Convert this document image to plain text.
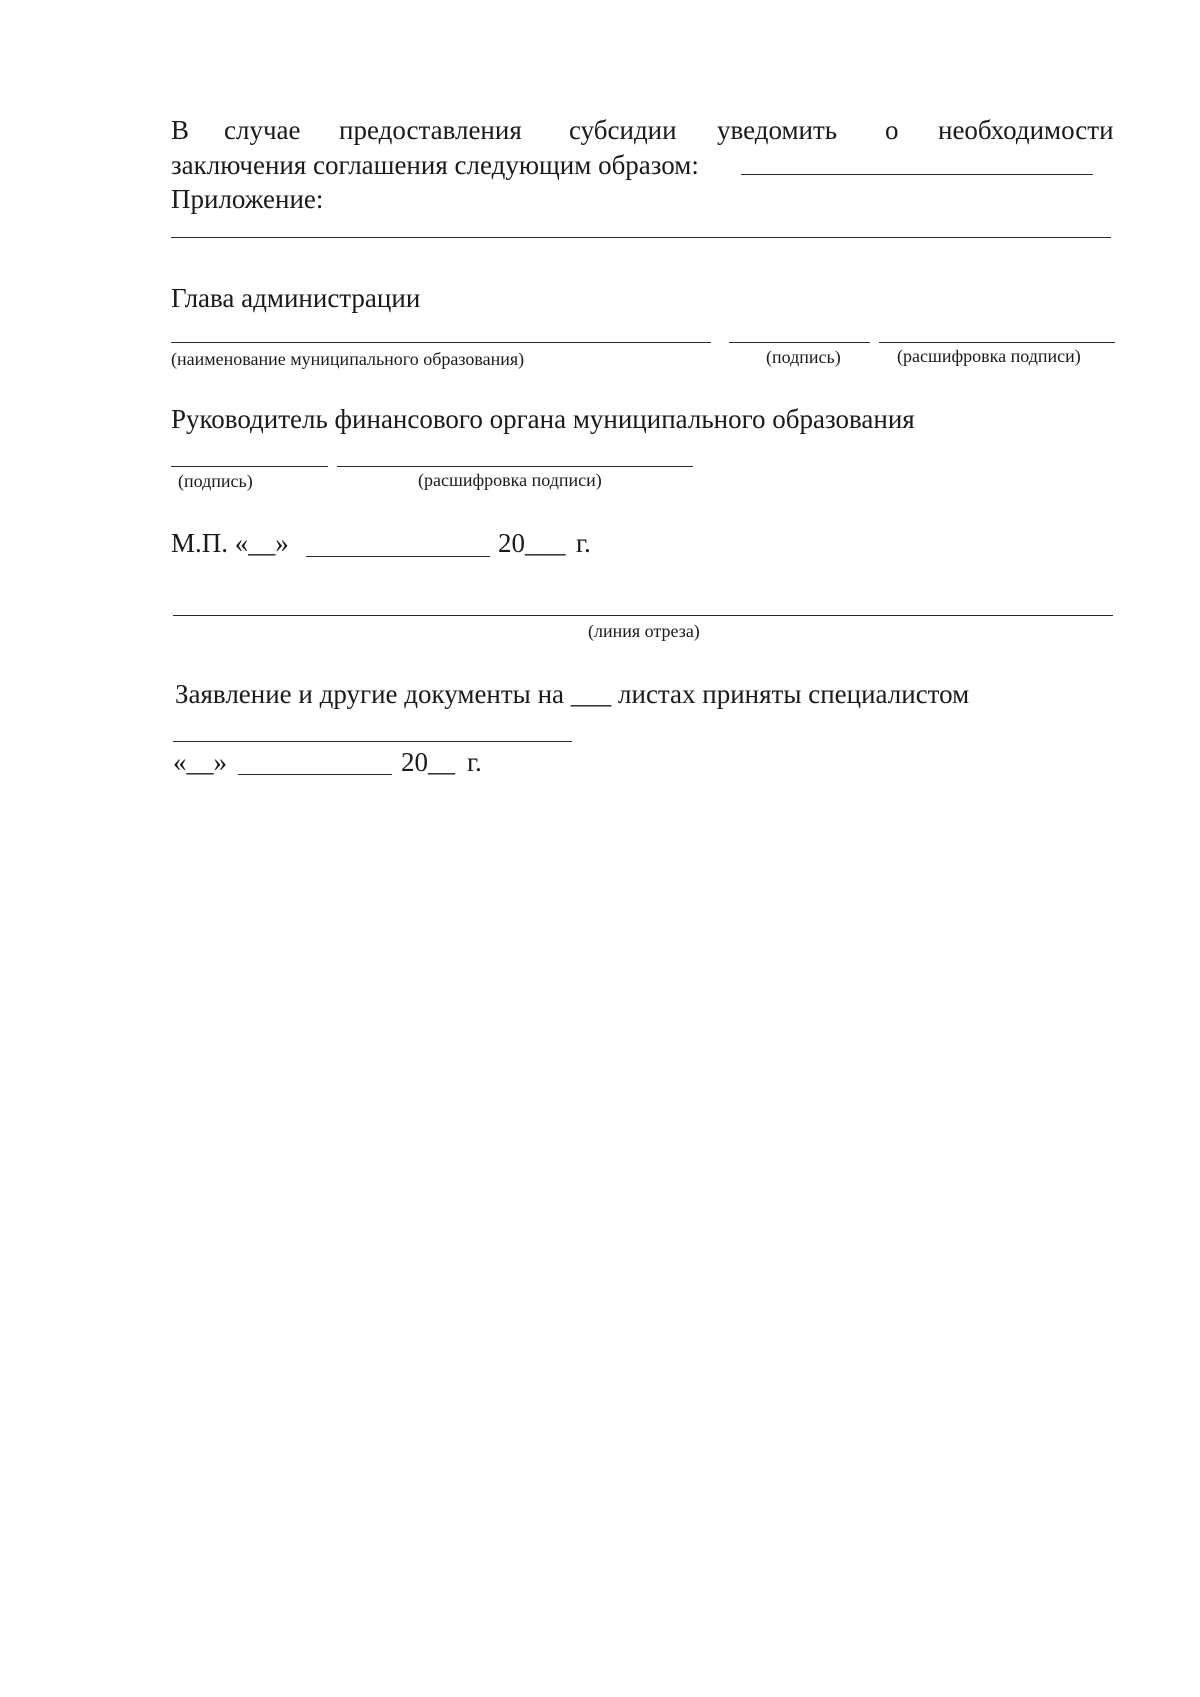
В случае предоставления субсидии уведомить о необходимости
заключения соглашения следующим образом:
Приложение:
Глава администрации
(наименование муниципального образования)	(подпись)	(расшифровка подписи)
Руководитель финансового органа муниципального образования
(подпись)	(расшифровка подписи)
М.П. «__»	20___ г.
(линия отреза)
Заявление и другие документы на ___ листах приняты специалистом
«__»	20__ г.
